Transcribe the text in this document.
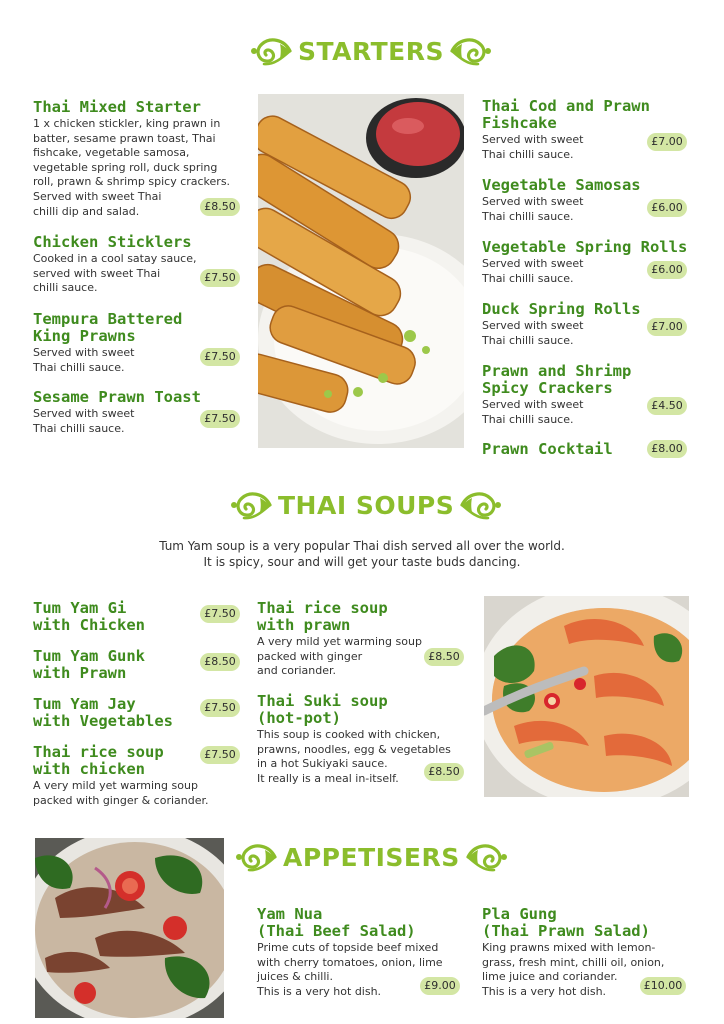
STARTERS
Thai Mixed Starter
1 x chicken stickler, king prawn in
batter, sesame prawn toast, Thai
fishcake, vegetable samosa,
vegetable spring roll, duck spring
roll, prawn & shrimp spicy crackers.
Served with sweet Thai
chilli dip and salad.	£8.50
Chicken Sticklers
Cooked in a cool satay sauce,
served with sweet Thai
chilli sauce.
£7.50
Tempura Battered
King Prawns
Served with sweet
Thai chilli sauce.
£7.50
Sesame Prawn Toast
Served with sweet
Thai chilli sauce.
£7.50
Thai Cod and Prawn
Fishcake
Served with sweet
Thai chilli sauce.
£7.00
Vegetable Samosas
Served with sweet
Thai chilli sauce.
£6.00
Vegetable Spring Rolls
Served with sweet
Thai chilli sauce.
£6.00
Duck Spring Rolls
Served with sweet
Thai chilli sauce.
£7.00
Prawn and Shrimp
Spicy Crackers
Served with sweet
Thai chilli sauce.
£4.50
Prawn Cocktail	£8.00
THAI SOUPS
Tum Yam soup is a very popular Thai dish served all over the world.
It is spicy, sour and will get your taste buds dancing.
Tum Yam Gi
with Chicken
£7.50
Tum Yam Gunk
with Prawn
£8.50
Tum Yam Jay
with Vegetables
£7.50
Thai rice soup
with chicken
A very mild yet warming soup
packed with ginger & coriander.
£7.50
Thai rice soup
with prawn
A very mild yet warming soup
packed with ginger
and coriander.
£8.50
Thai Suki soup
(hot-pot)
This soup is cooked with chicken,
prawns, noodles, egg & vegetables
in a hot Sukiyaki sauce.
It really is a meal in-itself.
£8.50
APPETISERS
Yam Nua
(Thai Beef Salad)
Prime cuts of topside beef mixed
with cherry tomatoes, onion, lime
juices & chilli.
This is a very hot dish.	£9.00
Pla Gung
(Thai Prawn Salad)
King prawns mixed with lemon-
grass, fresh mint, chilli oil, onion,
lime juice and coriander.
This is a very hot dish.	£10.00
